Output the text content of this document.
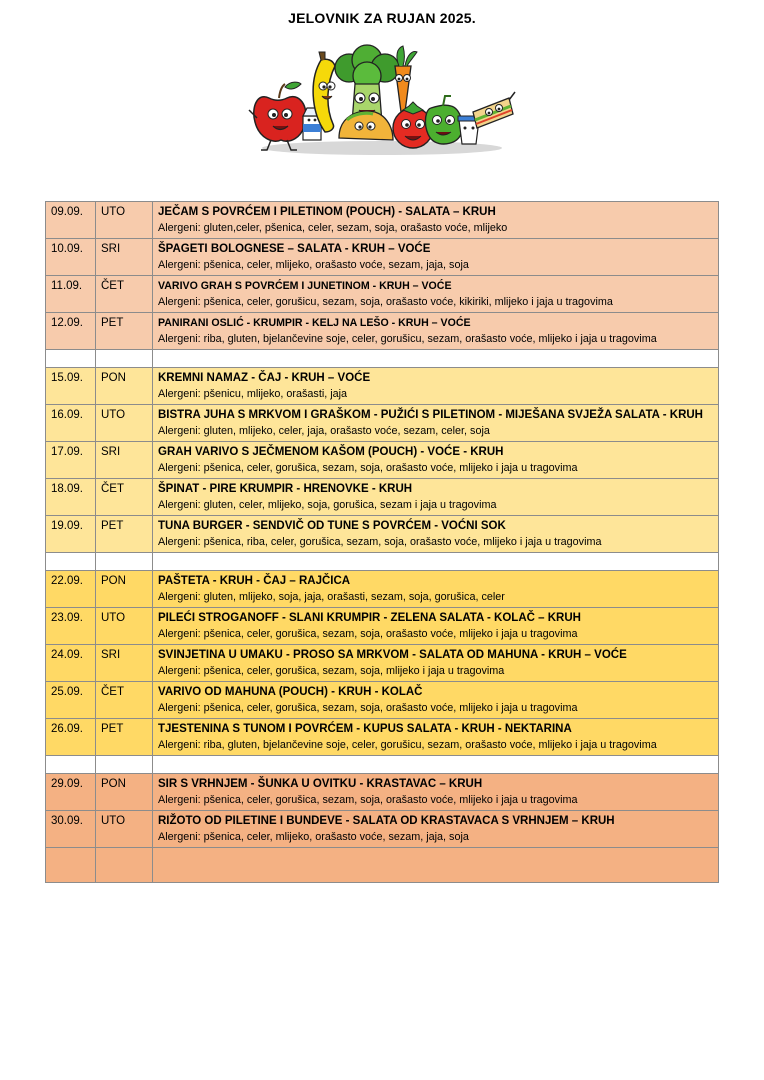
JELOVNIK ZA RUJAN 2025.
09.09.	UTO	JEČAM S POVRĆEM I PILETINOM (POUCH) - SALATA – KRUH
Alergeni: gluten,celer, pšenica, celer, sezam, soja, orašasto voće, mlijeko

10.09.	SRI	ŠPAGETI BOLOGNESE – SALATA - KRUH – VOĆE
Alergeni: pšenica, celer, mlijeko, orašasto voće, sezam, jaja, soja

11.09.	ČET	VARIVO GRAH S POVRĆEM I JUNETINOM - KRUH – VOĆE
Alergeni: pšenica, celer, gorušicu, sezam, soja, orašasto voće, kikiriki, mlijeko i jaja u tragovima

12.09.	PET	PANIRANI OSLIĆ - KRUMPIR - KELJ NA LEŠO - KRUH – VOĆE
Alergeni: riba, gluten, bjelančevine soje, celer, gorušicu, sezam, orašasto voće, mlijeko i jaja u tragovima

15.09.	PON	KREMNI NAMAZ - ČAJ - KRUH – VOĆE
Alergeni: pšenicu, mlijeko, orašasti, jaja

16.09.	UTO	BISTRA JUHA S MRKVOM I GRAŠKOM - PUŽIĆI S PILETINOM - MIJEŠANA SVJEŽA SALATA - KRUH
Alergeni: gluten, mlijeko, celer, jaja, orašasto voće, sezam, celer, soja

17.09.	SRI	GRAH VARIVO S JEČMENOM KAŠOM (POUCH) - VOĆE - KRUH
Alergeni: pšenica, celer, gorušica, sezam, soja, orašasto voće, mlijeko i jaja u tragovima

18.09.	ČET	ŠPINAT - PIRE KRUMPIR - HRENOVKE - KRUH
Alergeni: gluten, celer, mlijeko, soja, gorušica, sezam i jaja u tragovima

19.09.	PET	TUNA BURGER - SENDVIČ OD TUNE S POVRĆEM - VOĆNI SOK
Alergeni: pšenica, riba, celer, gorušica, sezam, soja, orašasto voće, mlijeko i jaja u tragovima

22.09.	PON	PAŠTETA - KRUH - ČAJ – RAJČICA
Alergeni: gluten, mlijeko, soja, jaja, orašasti, sezam, soja, gorušica, celer

23.09.	UTO	PILEĆI STROGANOFF - SLANI KRUMPIR - ZELENA SALATA - KOLAČ – KRUH
Alergeni: pšenica, celer, gorušica, sezam, soja, orašasto voće, mlijeko i jaja u tragovima

24.09.	SRI	SVINJETINA U UMAKU - PROSO SA MRKVOM - SALATA OD MAHUNA - KRUH – VOĆE
Alergeni: pšenica, celer, gorušica, sezam, soja, mlijeko i jaja u tragovima

25.09.	ČET	VARIVO OD MAHUNA (POUCH) - KRUH - KOLAČ
Alergeni: pšenica, celer, gorušica, sezam, soja, orašasto voće, mlijeko i jaja u tragovima

26.09.	PET	TJESTENINA S TUNOM I POVRĆEM - KUPUS SALATA - KRUH - NEKTARINA
Alergeni: riba, gluten, bjelančevine soje, celer, gorušicu, sezam, orašasto voće, mlijeko i jaja u tragovima

29.09.	PON	SIR S VRHNJEM - ŠUNKA U OVITKU - KRASTAVAC – KRUH
Alergeni: pšenica, celer, gorušica, sezam, soja, orašasto voće, mlijeko i jaja u tragovima

30.09.	UTO	RIŽOTO OD PILETINE I BUNDEVE - SALATA OD KRASTAVACA S VRHNJEM – KRUH
Alergeni: pšenica, celer, mlijeko, orašasto voće, sezam, jaja, soja
